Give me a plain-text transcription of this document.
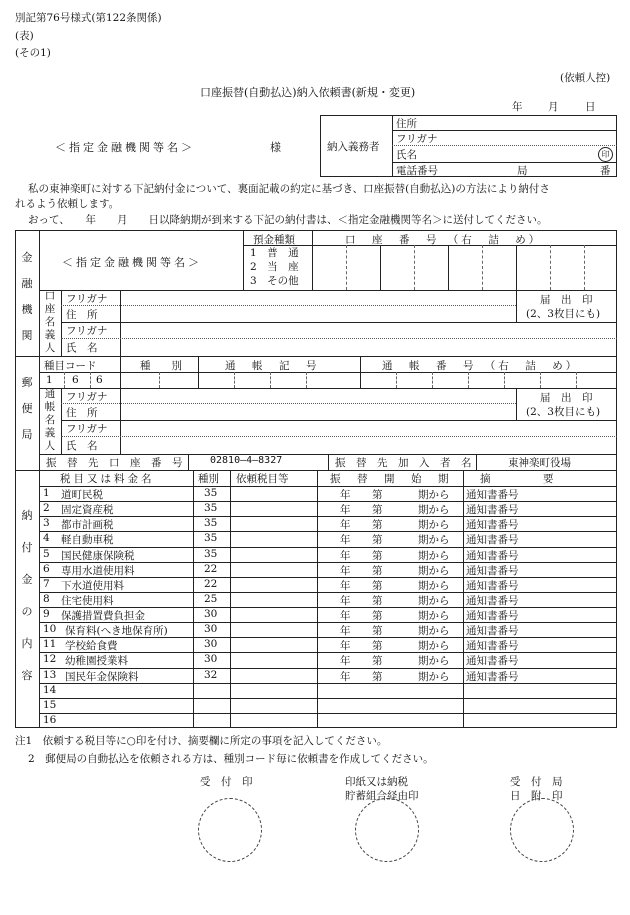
別記第76号様式(第122条関係)
(表)
(その1)
(依頼人控)
口座振替(自動払込)納入依頼書(新規・変更)
年 月	日
＜指定金融機関等名＞	様	納入義務者
住所
フリガナ
氏名	印
電話番号	局	番
私の東神楽町に対する下記納付金について、裏面記載の約定に基づき、口座振替(自動払込)の方法により納付さ
れるよう依頼します。
おって、　　年　　月　　日以降納期が到来する下記の納付書は、＜指定金融機関等名＞に送付してください。
金
融
機
関
＜指定金融機関等名＞
預金種類	口　座　番　号　（右　詰　め）
1　普　通
2　当　座
3　その他
口
座
名
義
人
フリガナ
住　所
フリガナ
氏　名
届　出　印
(2、3枚目にも)
郵
便
局
種目コード	種　　別	通　帳　記　号	通　帳　番　号　（右　詰　め）
1 6 6
通
帳
名
義
人
フリガナ
住　所
フリガナ
氏　名
届　出　印
(2、3枚目にも)
振　替　先　口　座　番　号	02810―4―8327	振　替　先　加　入　者　名	東神楽町役場
納
付
金
の
内
容
税目又は料金名	種別 依頼税目等	振　替　開　始　期	摘　　　　　要
1 道町民税	35	年 第	期から 通知書番号
2 固定資産税	35	年 第	期から 通知書番号
3 都市計画税	35	年 第	期から 通知書番号
4 軽自動車税	35	年 第	期から 通知書番号
5 国民健康保険税	35	年 第	期から 通知書番号
6 専用水道使用料	22	年 第	期から 通知書番号
7 下水道使用料	22	年 第	期から 通知書番号
8 住宅使用料	25	年 第	期から 通知書番号
9 保護措置費負担金	30	年 第	期から 通知書番号
10 保育料(へき地保育所)	30	年 第	期から 通知書番号
11 学校給食費	30	年 第	期から 通知書番号
12 幼稚園授業料	30	年 第	期から 通知書番号
13 国民年金保険料	32	年 第	期から 通知書番号
14
15
16
注1　依頼する税目等に○印を付け、摘要欄に所定の事項を記入してください。
2　郵便局の自動払込を依頼される方は、種別コード毎に依頼書を作成してください。
受　付　印	印紙又は納税
貯蓄組合経由印
受　付　局
日　附　印
